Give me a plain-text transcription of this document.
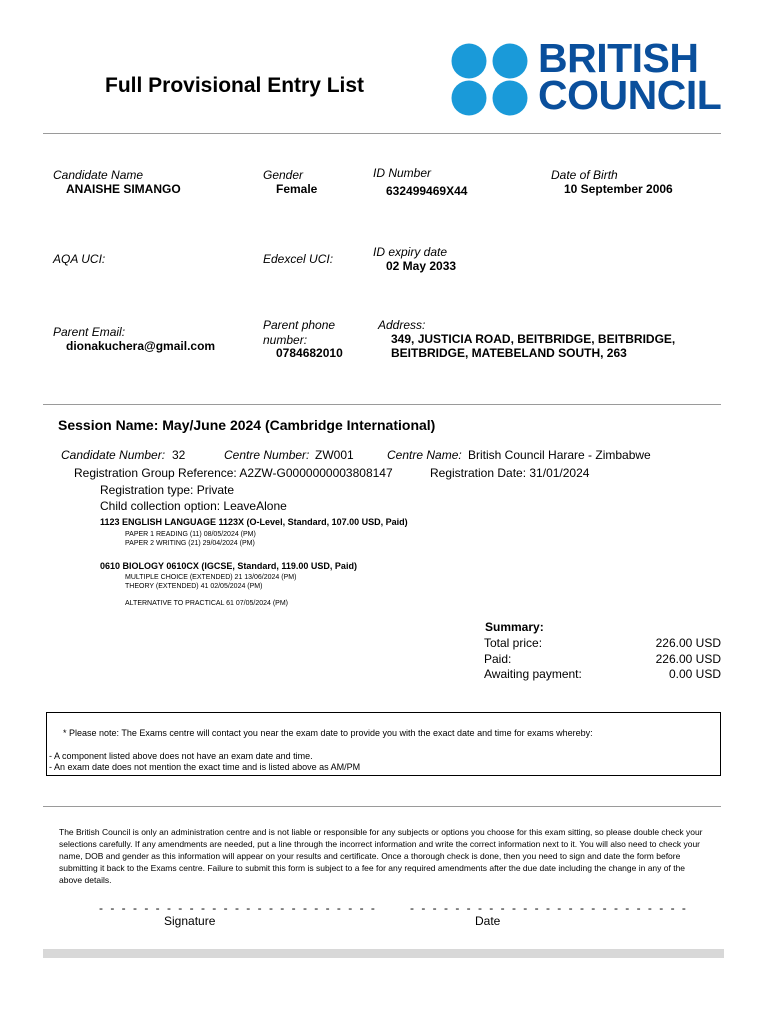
Full Provisional Entry List
BRITISH
COUNCIL
Candidate Name
ANAISHE SIMANGO
Gender
Female
ID Number
632499469X44
Date of Birth
10 September 2006
AQA UCI:	Edexcel UCI:	ID expiry date
02 May 2033
Parent Email:
dionakuchera@gmail.com
Parent phone
number:
0784682010
Address:
349, JUSTICIA ROAD, BEITBRIDGE, BEITBRIDGE,
BEITBRIDGE, MATEBELAND SOUTH, 263
Session Name: May/June 2024 (Cambridge International)
Candidate Number: 32	Centre Number: ZW001	Centre Name: British Council Harare - Zimbabwe
Registration Group Reference: A2ZW-G0000000003808147	Registration Date: 31/01/2024
Registration type: Private
Child collection option: LeaveAlone
1123 ENGLISH LANGUAGE 1123X (O-Level, Standard, 107.00 USD, Paid)
PAPER 1 READING (11) 08/05/2024 (PM)
PAPER 2 WRITING (21) 29/04/2024 (PM)
0610 BIOLOGY 0610CX (IGCSE, Standard, 119.00 USD, Paid)
MULTIPLE CHOICE (EXTENDED) 21 13/06/2024 (PM)
THEORY (EXTENDED) 41 02/05/2024 (PM)
ALTERNATIVE TO PRACTICAL 61 07/05/2024 (PM)
Summary:
Total price:	226.00 USD
Paid:	226.00 USD
Awaiting payment:	0.00 USD
* Please note: The Exams centre will contact you near the exam date to provide you with the exact date and time for exams whereby:
- A component listed above does not have an exam date and time.
- An exam date does not mention the exact time and is listed above as AM/PM
The British Council is only an administration centre and is not liable or responsible for any subjects or options you choose for this exam sitting, so please double check your selections carefully. If any amendments are needed, put a line through the incorrect information and write the correct information next to it. You will also need to check your name, DOB and gender as this information will appear on your results and certificate. Once a thorough check is done, then you need to sign and date the form before submitting it back to the Exams centre. Failure to submit this form is subject to a fee for any required amendments after the due date including the change in any of the above details.
- - - - - - - - - - - - - - - - - - - - - - - - -
Signature
- - - - - - - - - - - - - - - - - - - - - - - - -
Date
